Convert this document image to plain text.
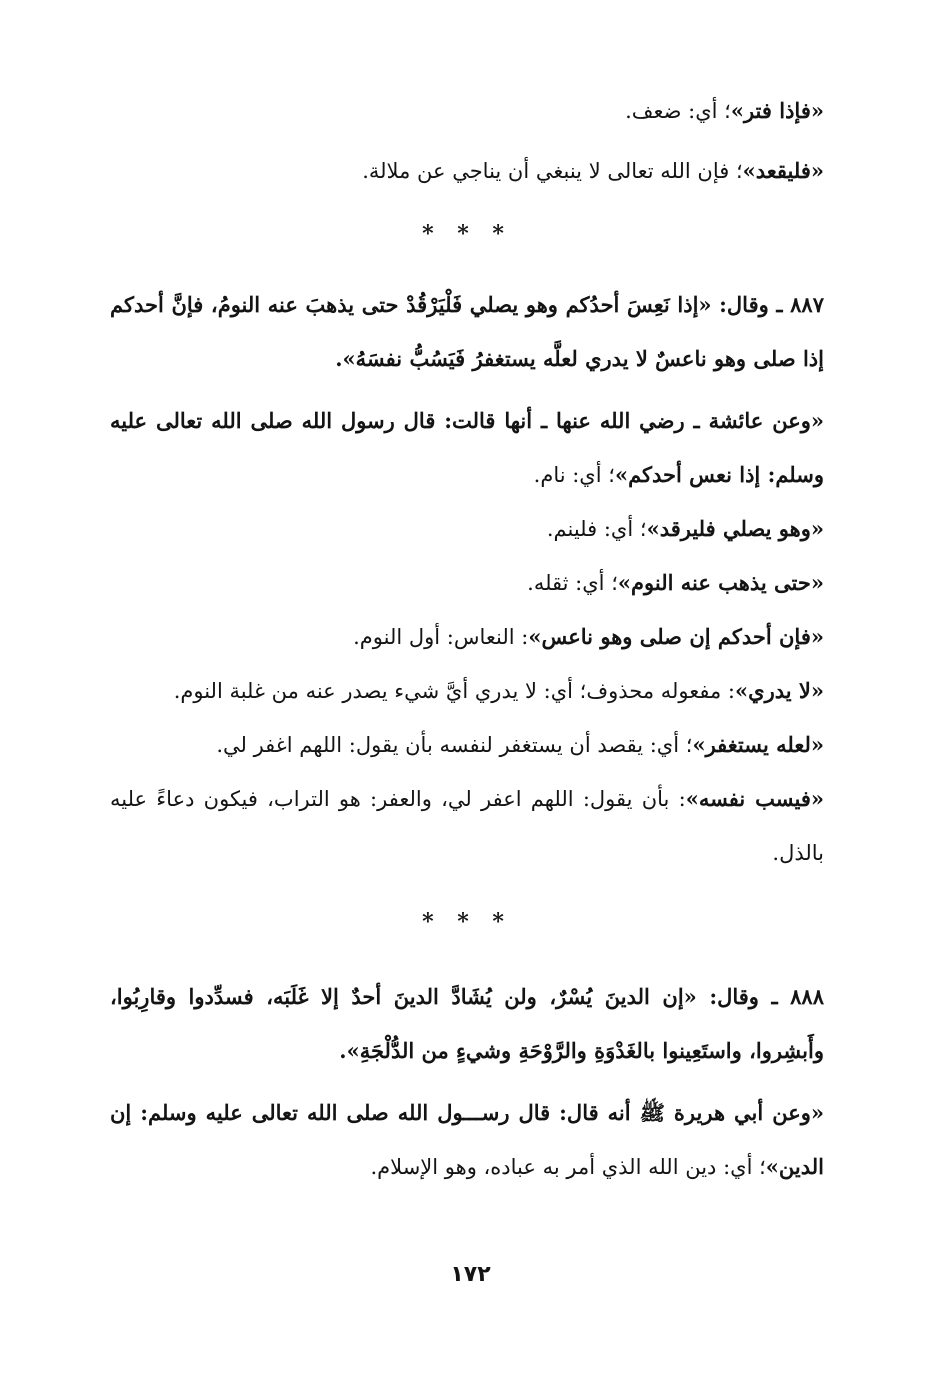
«فإذا فتر»؛ أي: ضعف.

«فليقعد»؛ فإن الله تعالى لا ينبغي أن يناجي عن ملالة.

* * *

٨٨٧ ـ وقال: «إذا نَعِسَ أحدُكم وهو يصلي فَلْيَرْقُدْ حتى يذهبَ عنه النومُ، فإنَّ أحدكم إذا صلى وهو ناعسٌ لا يدري لعلَّه يستغفرُ فَيَسُبُّ نفسَهُ».

«وعن عائشة ـ رضي الله عنها ـ أنها قالت: قال رسول الله صلى الله تعالى عليه وسلم: إذا نعس أحدكم»؛ أي: نام.

«وهو يصلي فليرقد»؛ أي: فلينم.

«حتى يذهب عنه النوم»؛ أي: ثقله.

«فإن أحدكم إن صلى وهو ناعس»: النعاس: أول النوم.

«لا يدري»: مفعوله محذوف؛ أي: لا يدري أيَّ شيء يصدر عنه من غلبة النوم.

«لعله يستغفر»؛ أي: يقصد أن يستغفر لنفسه بأن يقول: اللهم اغفر لي.

«فيسب نفسه»: بأن يقول: اللهم اعفر لي، والعفر: هو التراب، فيكون دعاءً عليه بالذل.

* * *

٨٨٨ ـ وقال: «إن الدينَ يُسْرٌ، ولن يُشَادَّ الدينَ أحدٌ إلا غَلَبَه، فسدِّدوا وقارِبُوا، وأَبشِروا، واستَعِينوا بالغَدْوَةِ والرَّوْحَةِ وشيءٍ من الدُّلْجَةِ».

«وعن أبي هريرة ﷺ أنه قال: قال رســـول الله صلى الله تعالى عليه وسلم: إن الدين»؛ أي: دين الله الذي أمر به عباده، وهو الإسلام.

١٧٢
